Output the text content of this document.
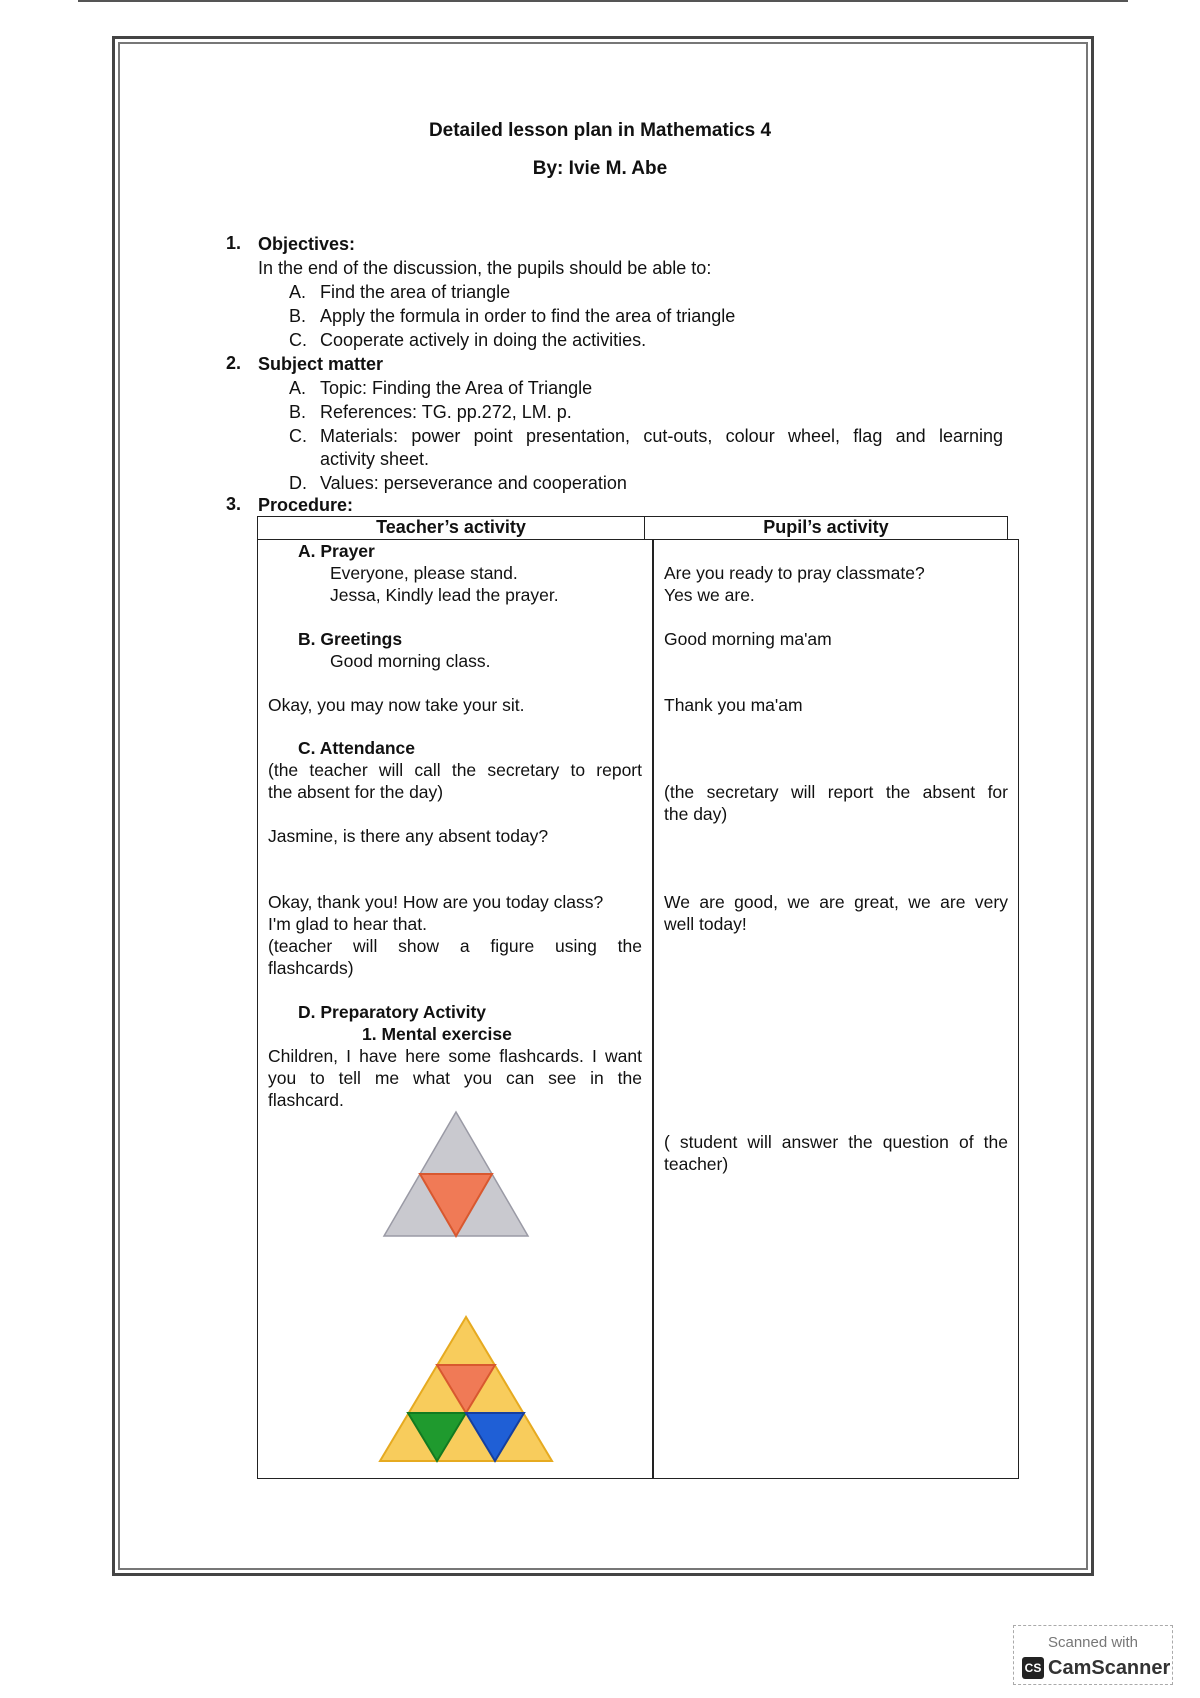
Detailed lesson plan in Mathematics 4
By: Ivie M. Abe
1. Objectives:
In the end of the discussion, the pupils should be able to:
A. Find the area of triangle
B. Apply the formula in order to find the area of triangle
C. Cooperate actively in doing the activities.
2. Subject matter
A. Topic: Finding the Area of Triangle
B. References: TG. pp.272, LM. p.
C. Materials: power point presentation, cut-outs, colour wheel, flag and learning
activity sheet.
D. Values: perseverance and cooperation
3. Procedure:
Teacher’s activity	Pupil’s activity
A. Prayer
Everyone, please stand.
Jessa, Kindly lead the prayer.
B. Greetings
Good morning class.
Okay, you may now take your sit.
C. Attendance
(the teacher will call the secretary to report
the absent for the day)
Jasmine, is there any absent today?
Okay, thank you! How are you today class?
I'm glad to hear that.
(teacher will show a figure using the
flashcards)
D. Preparatory Activity
1. Mental exercise
Children, I have here some flashcards. I want
you to tell me what you can see in the
flashcard.
Are you ready to pray classmate?
Yes we are.
Good morning ma'am
Thank you ma'am
(the secretary will report the absent for
the day)
We are good, we are great, we are very
well today!
( student will answer the question of the
teacher)
Scanned with
CS CamScanner
